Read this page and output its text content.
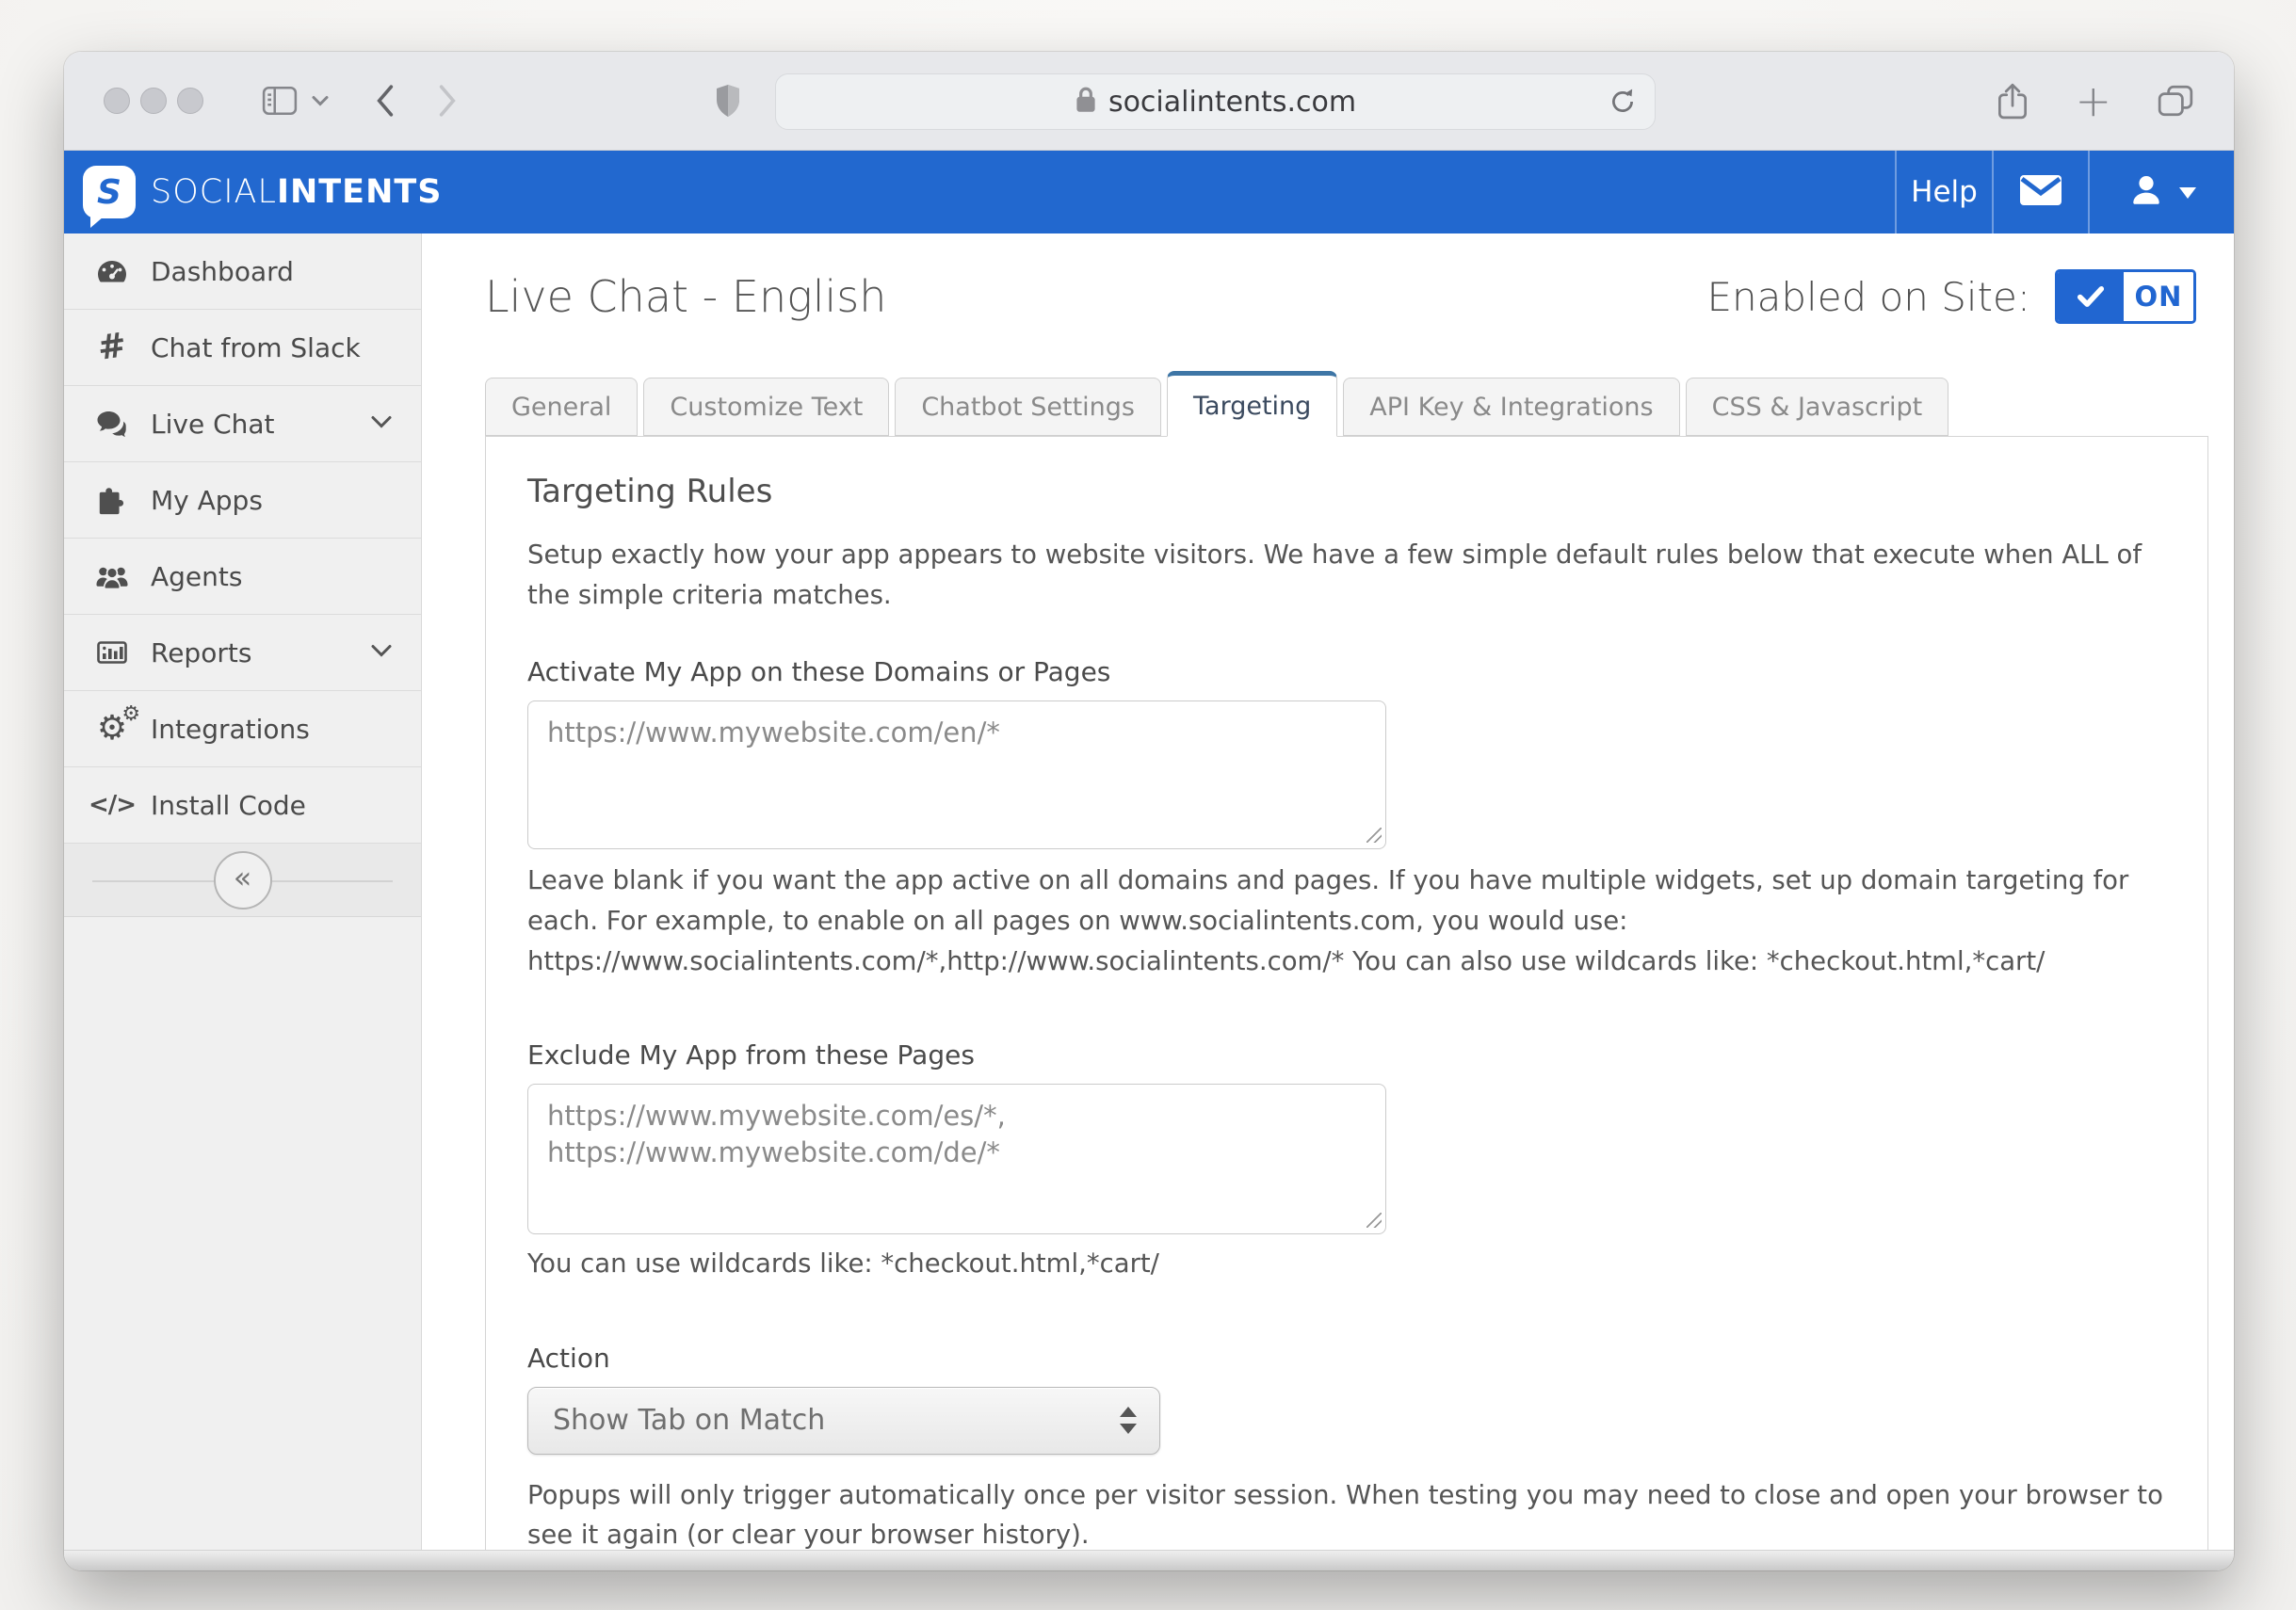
socialintents.com	+
S SOCIALINTENTS	Help
Dashboard
# Chat from Slack
Live Chat
My Apps
Agents
Reports
⚙
⚙ Integrations
</> Install Code
«
Live Chat - English	Enabled on Site:	ON
General	Customize Text	Chatbot Settings	Targeting	API Key & Integrations	CSS & Javascript
Targeting Rules
Setup exactly how your app appears to website visitors. We have a few simple default rules below that execute when ALL of the simple criteria matches.
Activate My App on these Domains or Pages
https://www.mywebsite.com/en/*
Leave blank if you want the app active on all domains and pages. If you have multiple widgets, set up domain targeting for each. For example, to enable on all pages on www.socialintents.com, you would use: https://www.socialintents.com/*,http://www.socialintents.com/* You can also use wildcards like: *checkout.html,*cart/
Exclude My App from these Pages
https://www.mywebsite.com/es/*, https://www.mywebsite.com/de/*
You can use wildcards like: *checkout.html,*cart/
Action
Show Tab on Match
Popups will only trigger automatically once per visitor session. When testing you may need to close and open your browser to see it again (or clear your browser history).
